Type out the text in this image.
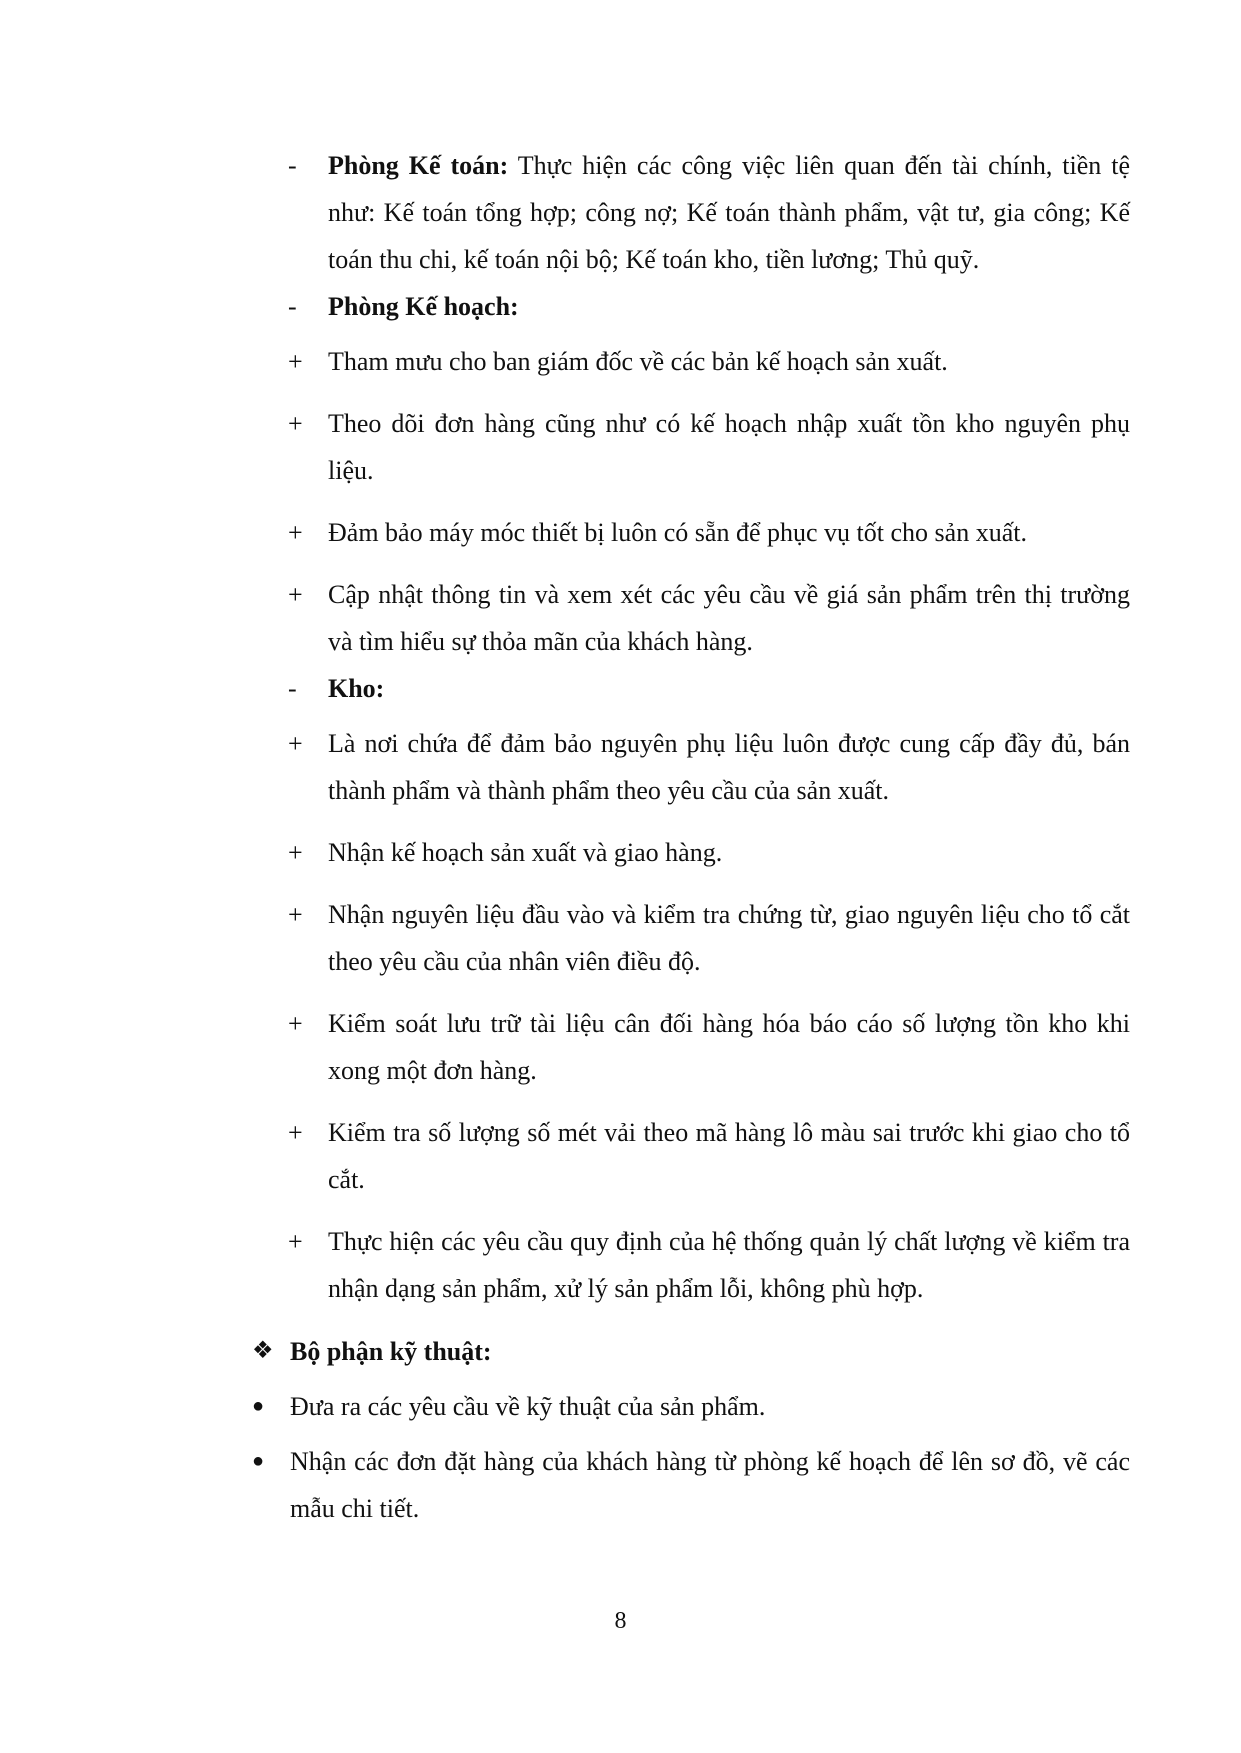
-	Phòng Kế toán: Thực hiện các công việc liên quan đến tài chính, tiền tệ như: Kế toán tổng hợp; công nợ; Kế toán thành phẩm, vật tư, gia công; Kế toán thu chi, kế toán nội bộ; Kế toán kho, tiền lương; Thủ quỹ.
-	Phòng Kế hoạch:
+ Tham mưu cho ban giám đốc về các bản kế hoạch sản xuất.
+ Theo dõi đơn hàng cũng như có kế hoạch nhập xuất tồn kho nguyên phụ liệu.
+ Đảm bảo máy móc thiết bị luôn có sẵn để phục vụ tốt cho sản xuất.
+ Cập nhật thông tin và xem xét các yêu cầu về giá sản phẩm trên thị trường và tìm hiểu sự thỏa mãn của khách hàng.
-	Kho:
+ Là nơi chứa để đảm bảo nguyên phụ liệu luôn được cung cấp đầy đủ, bán thành phẩm và thành phẩm theo yêu cầu của sản xuất.
+ Nhận kế hoạch sản xuất và giao hàng.
+ Nhận nguyên liệu đầu vào và kiểm tra chứng từ, giao nguyên liệu cho tổ cắt theo yêu cầu của nhân viên điều độ.
+ Kiểm soát lưu trữ tài liệu cân đối hàng hóa báo cáo số lượng tồn kho khi xong một đơn hàng.
+ Kiểm tra số lượng số mét vải theo mã hàng lô màu sai trước khi giao cho tổ cắt.
+ Thực hiện các yêu cầu quy định của hệ thống quản lý chất lượng về kiểm tra nhận dạng sản phẩm, xử lý sản phẩm lỗi, không phù hợp.
❖ Bộ phận kỹ thuật:
● Đưa ra các yêu cầu về kỹ thuật của sản phẩm.
● Nhận các đơn đặt hàng của khách hàng từ phòng kế hoạch để lên sơ đồ, vẽ các mẫu chi tiết.
8
